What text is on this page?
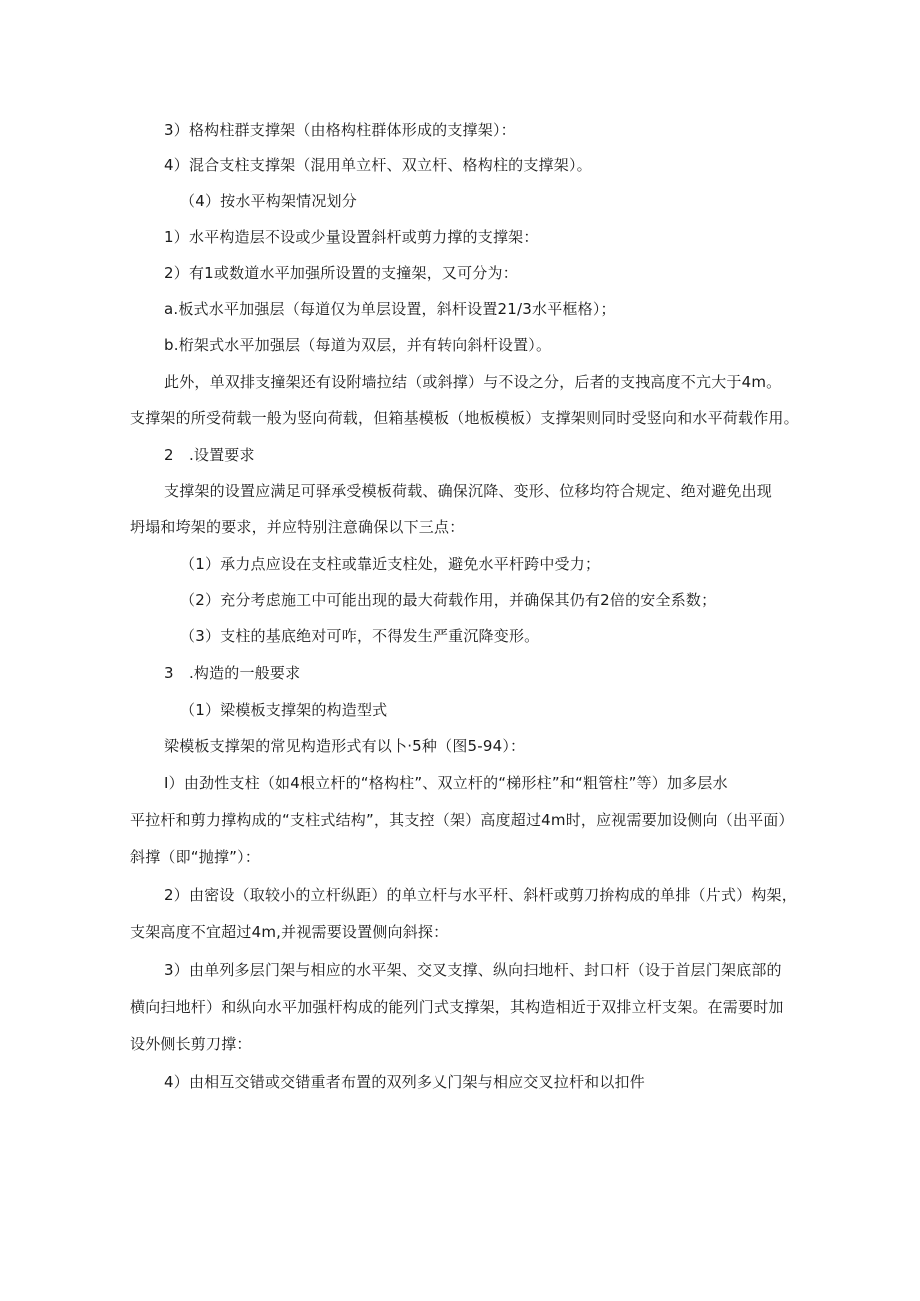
3）格构柱群支撑架（由格构柱群体形成的支撑架）：
4）混合支柱支撑架（混用单立杆、双立杆、格构柱的支撑架）。
（4）按水平构架情况划分
1）水平构造层不设或少量设置斜杆或剪力撑的支撑架：
2）有1或数道水平加强所设置的支撞架，又可分为：
a.板式水平加强层（每道仅为单层设置，斜杆设置21/3水平框格）；
b.桁架式水平加强层（每道为双层，并有转向斜杆设置）。
此外，单双排支撞架还有设附墙拉结（或斜撑）与不设之分，后者的支拽高度不亢大于4m。
支撑架的所受荷载一般为竖向荷载，但箱基模板（地板模板）支撑架则同时受竖向和水平荷载作用。
2　.设置要求
支撑架的设置应满足可驿承受模板荷载、确保沉降、变形、位移均符合规定、绝对避免出现
坍塌和垮架的要求，并应特别注意确保以下三点：
（1）承力点应设在支柱或靠近支柱处，避免水平杆跨中受力；
（2）充分考虑施工中可能出现的最大荷载作用，并确保其仍有2倍的安全系数；
（3）支柱的基底绝对可咋，不得发生严重沉降变形。
3　.构造的一般要求
（1）梁模板支撑架的构造型式
梁模板支撑架的常见构造形式有以卜·5种（图5-94）：
I）由劲性支柱（如4根立杆的“格构柱”、双立杆的“梯形柱”和“粗管柱”等）加多层水
平拉杆和剪力撑构成的“支柱式结构”，其支控（架）高度超过4m时，应视需要加设侧向（出平面）
斜撑（即“抛撑”）：
2）由密设（取较小的立杆纵距）的单立杆与水平杆、斜杆或剪刀拚构成的单排（片式）构架，
支架高度不宜超过4m,并视需要设置侧向斜探：
3）由单列多层门架与相应的水平架、交叉支撑、纵向扫地杆、封口杆（设于首层门架底部的
横向扫地杆）和纵向水平加强杆构成的能列门式支撑架，其构造相近于双排立杆支架。在需要时加
设外侧长剪刀撑：
4）由相互交错或交错重者布置的双列多乂门架与相应交叉拉杆和以扣件
